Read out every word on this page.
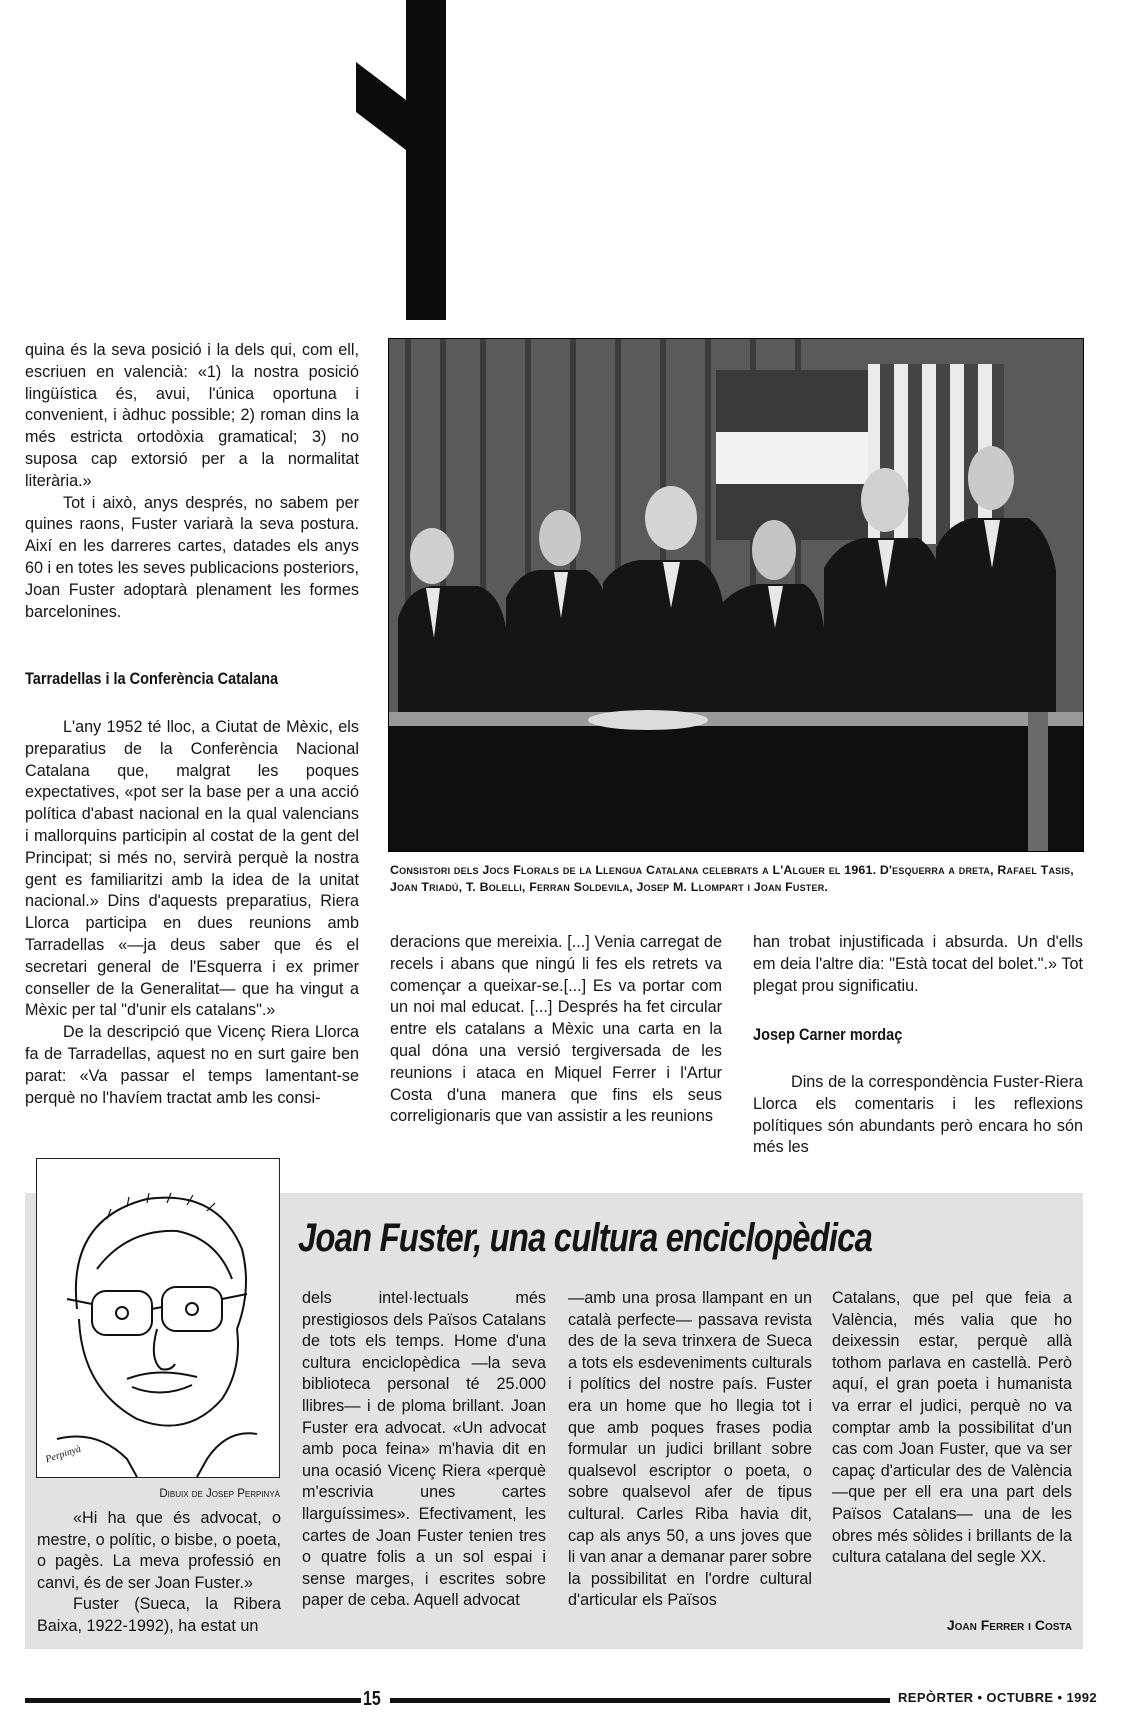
quina és la seva posició i la dels qui, com ell, escriuen en valencià: «1) la nostra posició lingüística és, avui, l'única oportuna i convenient, i àdhuc possible; 2) roman dins la més estricta ortodòxia gramatical; 3) no suposa cap extorsió per a la normalitat literària.»

Tot i això, anys després, no sabem per quines raons, Fuster variarà la seva postura. Així en les darreres cartes, datades els anys 60 i en totes les seves publicacions posteriors, Joan Fuster adoptarà plenament les formes barcelonines.

Tarradellas i la Conferència Catalana

L'any 1952 té lloc, a Ciutat de Mèxic, els preparatius de la Conferència Nacional Catalana que, malgrat les poques expectatives, «pot ser la base per a una acció política d'abast nacional en la qual valencians i mallorquins participin al costat de la gent del Principat; si més no, servirà perquè la nostra gent es familiaritzi amb la idea de la unitat nacional.» Dins d'aquests preparatius, Riera Llorca participa en dues reunions amb Tarradellas «—ja deus saber que és el secretari general de l'Esquerra i ex primer conseller de la Generalitat— que ha vingut a Mèxic per tal "d'unir els catalans".»

De la descripció que Vicenç Riera Llorca fa de Tarradellas, aquest no en surt gaire ben parat: «Va passar el temps lamentant-se perquè no l'havíem tractat amb les consi-

Consistori dels Jocs Florals de la Llengua Catalana celebrats a L'Alguer el 1961. D'esquerra a dreta, Rafael Tasis, Joan Triadú, T. Bolelli, Ferran Soldevila, Josep M. Llompart i Joan Fuster.

deracions que mereixia. [...] Venia carregat de recels i abans que ningú li fes els retrets va començar a queixar-se.[...] Es va portar com un noi mal educat. [...] Després ha fet circular entre els catalans a Mèxic una carta en la qual dóna una versió tergiversada de les reunions i ataca en Miquel Ferrer i l'Artur Costa d'una manera que fins els seus correligionaris que van assistir a les reunions

han trobat injustificada i absurda. Un d'ells em deia l'altre dia: "Està tocat del bolet.".» Tot plegat prou significatiu.

Josep Carner mordaç

Dins de la correspondència Fuster-Riera Llorca els comentaris i les reflexions polítiques són abundants però encara ho són més les

Perpinyà
Dibuix de Josep Perpinyà
Joan Fuster, una cultura enciclopèdica

«Hi ha que és advocat, o mestre, o polític, o bisbe, o poeta, o pagès. La meva professió en canvi, és de ser Joan Fuster.»

Fuster (Sueca, la Ribera Baixa, 1922-1992), ha estat un

dels intel·lectuals més prestigiosos dels Països Catalans de tots els temps. Home d'una cultura enciclopèdica —la seva biblioteca personal té 25.000 llibres— i de ploma brillant. Joan Fuster era advocat. «Un advocat amb poca feina» m'havia dit en una ocasió Vicenç Riera «perquè m'escrivia unes cartes llarguíssimes». Efectivament, les cartes de Joan Fuster tenien tres o quatre folis a un sol espai i sense marges, i escrites sobre paper de ceba. Aquell advocat
—amb una prosa llampant en un català perfecte— passava revista des de la seva trinxera de Sueca a tots els esdeveniments culturals i polítics del nostre país. Fuster era un home que ho llegia tot i que amb poques frases podia formular un judici brillant sobre qualsevol escriptor o poeta, o sobre qualsevol afer de tipus cultural. Carles Riba havia dit, cap als anys 50, a uns joves que li van anar a demanar parer sobre la possibilitat en l'ordre cultural d'articular els Països
Catalans, que pel que feia a València, més valia que ho deixessin estar, perquè allà tothom parlava en castellà. Però aquí, el gran poeta i humanista va errar el judici, perquè no va comptar amb la possibilitat d'un cas com Joan Fuster, que va ser capaç d'articular des de València —que per ell era una part dels Països Catalans— una de les obres més sòlides i brillants de la cultura catalana del segle XX.
Joan Ferrer i Costa
15	REPÒRTER • OCTUBRE • 1992
